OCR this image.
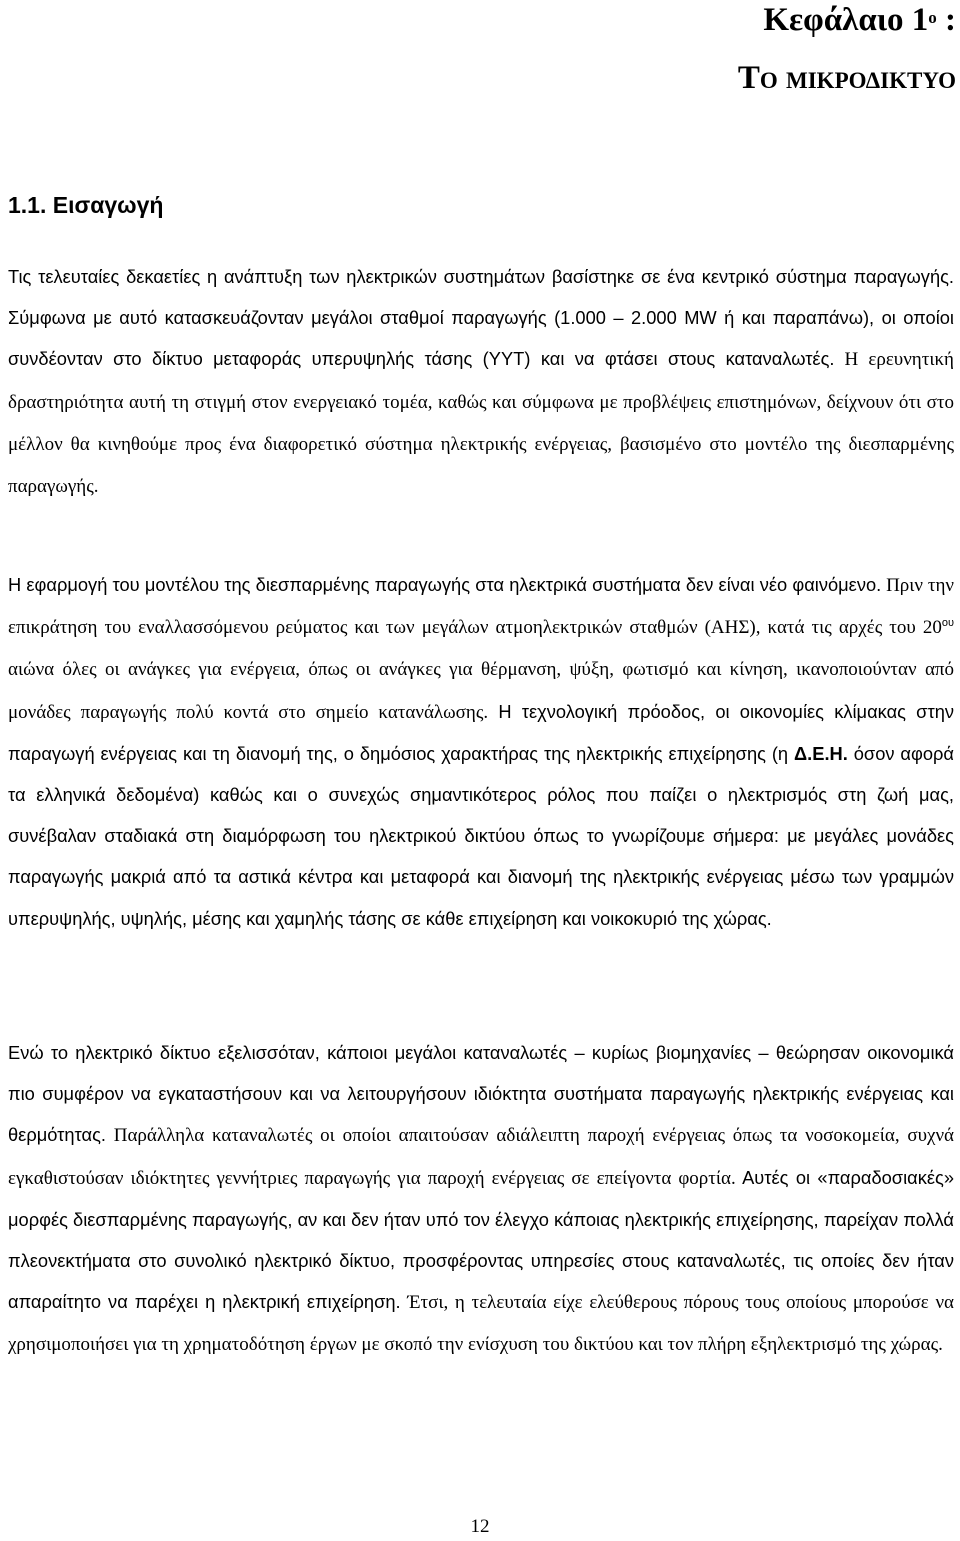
Κεφάλαιο $1^o$ :
Το μικροδικτυο
1.1. Εισαγωγή

Τις τελευταίες δεκαετίες η ανάπτυξη των ηλεκτρικών συστημάτων βασίστηκε σε ένα κεντρικό σύστημα παραγωγής. Σύμφωνα με αυτό κατασκευάζονταν μεγάλοι σταθμοί παραγωγής (1.000 – 2.000 MW ή και παραπάνω), οι οποίοι συνδέονταν στο δίκτυο μεταφοράς υπερυψηλής τάσης (ΥΥΤ) και να φτάσει στους καταναλωτές. Η ερευνητική δραστηριότητα αυτή τη στιγμή στον ενεργειακό τομέα, καθώς και σύμφωνα με προβλέψεις επιστημόνων, δείχνουν ότι στο μέλλον θα κινηθούμε προς ένα διαφορετικό σύστημα ηλεκτρικής ενέργειας, βασισμένο στο μοντέλο της διεσπαρμένης παραγωγής.

Η εφαρμογή του μοντέλου της διεσπαρμένης παραγωγής στα ηλεκτρικά συστήματα δεν είναι νέο φαινόμενο. Πριν την επικράτηση του εναλλασσόμενου ρεύματος και των μεγάλων ατμοηλεκτρικών σταθμών (ΑΗΣ), κατά τις αρχές του $20^{o\upsilon}$ αιώνα όλες οι ανάγκες για ενέργεια, όπως οι ανάγκες για θέρμανση, ψύξη, φωτισμό και κίνηση, ικανοποιούνταν από μονάδες παραγωγής πολύ κοντά στο σημείο κατανάλωσης. Η τεχνολογική πρόοδος, οι οικονομίες κλίμακας στην παραγωγή ενέργειας και τη διανομή της, ο δημόσιος χαρακτήρας της ηλεκτρικής επιχείρησης (η Δ.Ε.Η. όσον αφορά τα ελληνικά δεδομένα) καθώς και ο συνεχώς σημαντικότερος ρόλος που παίζει ο ηλεκτρισμός στη ζωή μας, συνέβαλαν σταδιακά στη διαμόρφωση του ηλεκτρικού δικτύου όπως το γνωρίζουμε σήμερα: με μεγάλες μονάδες παραγωγής μακριά από τα αστικά κέντρα και μεταφορά και διανομή της ηλεκτρικής ενέργειας μέσω των γραμμών υπερυψηλής, υψηλής, μέσης και χαμηλής τάσης σε κάθε επιχείρηση και νοικοκυριό της χώρας.

Ενώ το ηλεκτρικό δίκτυο εξελισσόταν, κάποιοι μεγάλοι καταναλωτές – κυρίως βιομηχανίες – θεώρησαν οικονομικά πιο συμφέρον να εγκαταστήσουν και να λειτουργήσουν ιδιόκτητα συστήματα παραγωγής ηλεκτρικής ενέργειας και θερμότητας. Παράλληλα καταναλωτές οι οποίοι απαιτούσαν αδιάλειπτη παροχή ενέργειας όπως τα νοσοκομεία, συχνά εγκαθιστούσαν ιδιόκτητες γεννήτριες παραγωγής για παροχή ενέργειας σε επείγοντα φορτία. Αυτές οι «παραδοσιακές» μορφές διεσπαρμένης παραγωγής, αν και δεν ήταν υπό τον έλεγχο κάποιας ηλεκτρικής επιχείρησης, παρείχαν πολλά πλεονεκτήματα στο συνολικό ηλεκτρικό δίκτυο, προσφέροντας υπηρεσίες στους καταναλωτές, τις οποίες δεν ήταν απαραίτητο να παρέχει η ηλεκτρική επιχείρηση. Έτσι, η τελευταία είχε ελεύθερους πόρους τους οποίους μπορούσε να χρησιμοποιήσει για τη χρηματοδότηση έργων με σκοπό την ενίσχυση του δικτύου και τον πλήρη εξηλεκτρισμό της χώρας.

12
